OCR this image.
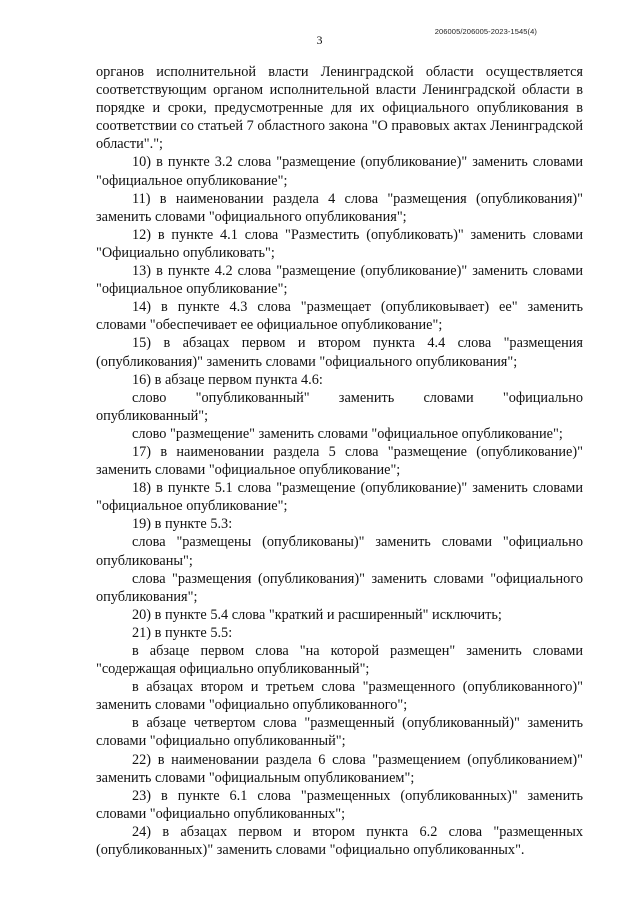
206005/206005-2023-1545(4)
3

органов исполнительной власти Ленинградской области осуществляется соответствующим органом исполнительной власти Ленинградской области в порядке и сроки, предусмотренные для их официального опубликования в соответствии со статьей 7 областного закона "О правовых актах Ленинградской области".";

10) в пункте 3.2 слова "размещение (опубликование)" заменить словами "официальное опубликование";

11) в наименовании раздела 4 слова "размещения (опубликования)" заменить словами "официального опубликования";

12) в пункте 4.1 слова "Разместить (опубликовать)" заменить словами "Официально опубликовать";

13) в пункте 4.2 слова "размещение (опубликование)" заменить словами "официальное опубликование";

14) в пункте 4.3 слова "размещает (опубликовывает) ее" заменить словами "обеспечивает ее официальное опубликование";

15) в абзацах первом и втором пункта 4.4 слова "размещения (опубликования)" заменить словами "официального опубликования";

16) в абзаце первом пункта 4.6:

слово "опубликованный" заменить словами "официально опубликованный";

слово "размещение" заменить словами "официальное опубликование";

17) в наименовании раздела 5 слова "размещение (опубликование)" заменить словами "официальное опубликование";

18) в пункте 5.1 слова "размещение (опубликование)" заменить словами "официальное опубликование";

19) в пункте 5.3:

слова "размещены (опубликованы)" заменить словами "официально опубликованы";

слова "размещения (опубликования)" заменить словами "официального опубликования";

20) в пункте 5.4 слова "краткий и расширенный" исключить;

21) в пункте 5.5:

в абзаце первом слова "на которой размещен" заменить словами "содержащая официально опубликованный";

в абзацах втором и третьем слова "размещенного (опубликованного)" заменить словами "официально опубликованного";

в абзаце четвертом слова "размещенный (опубликованный)" заменить словами "официально опубликованный";

22) в наименовании раздела 6 слова "размещением (опубликованием)" заменить словами "официальным опубликованием";

23) в пункте 6.1 слова "размещенных (опубликованных)" заменить словами "официально опубликованных";

24) в абзацах первом и втором пункта 6.2 слова "размещенных (опубликованных)" заменить словами "официально опубликованных".
